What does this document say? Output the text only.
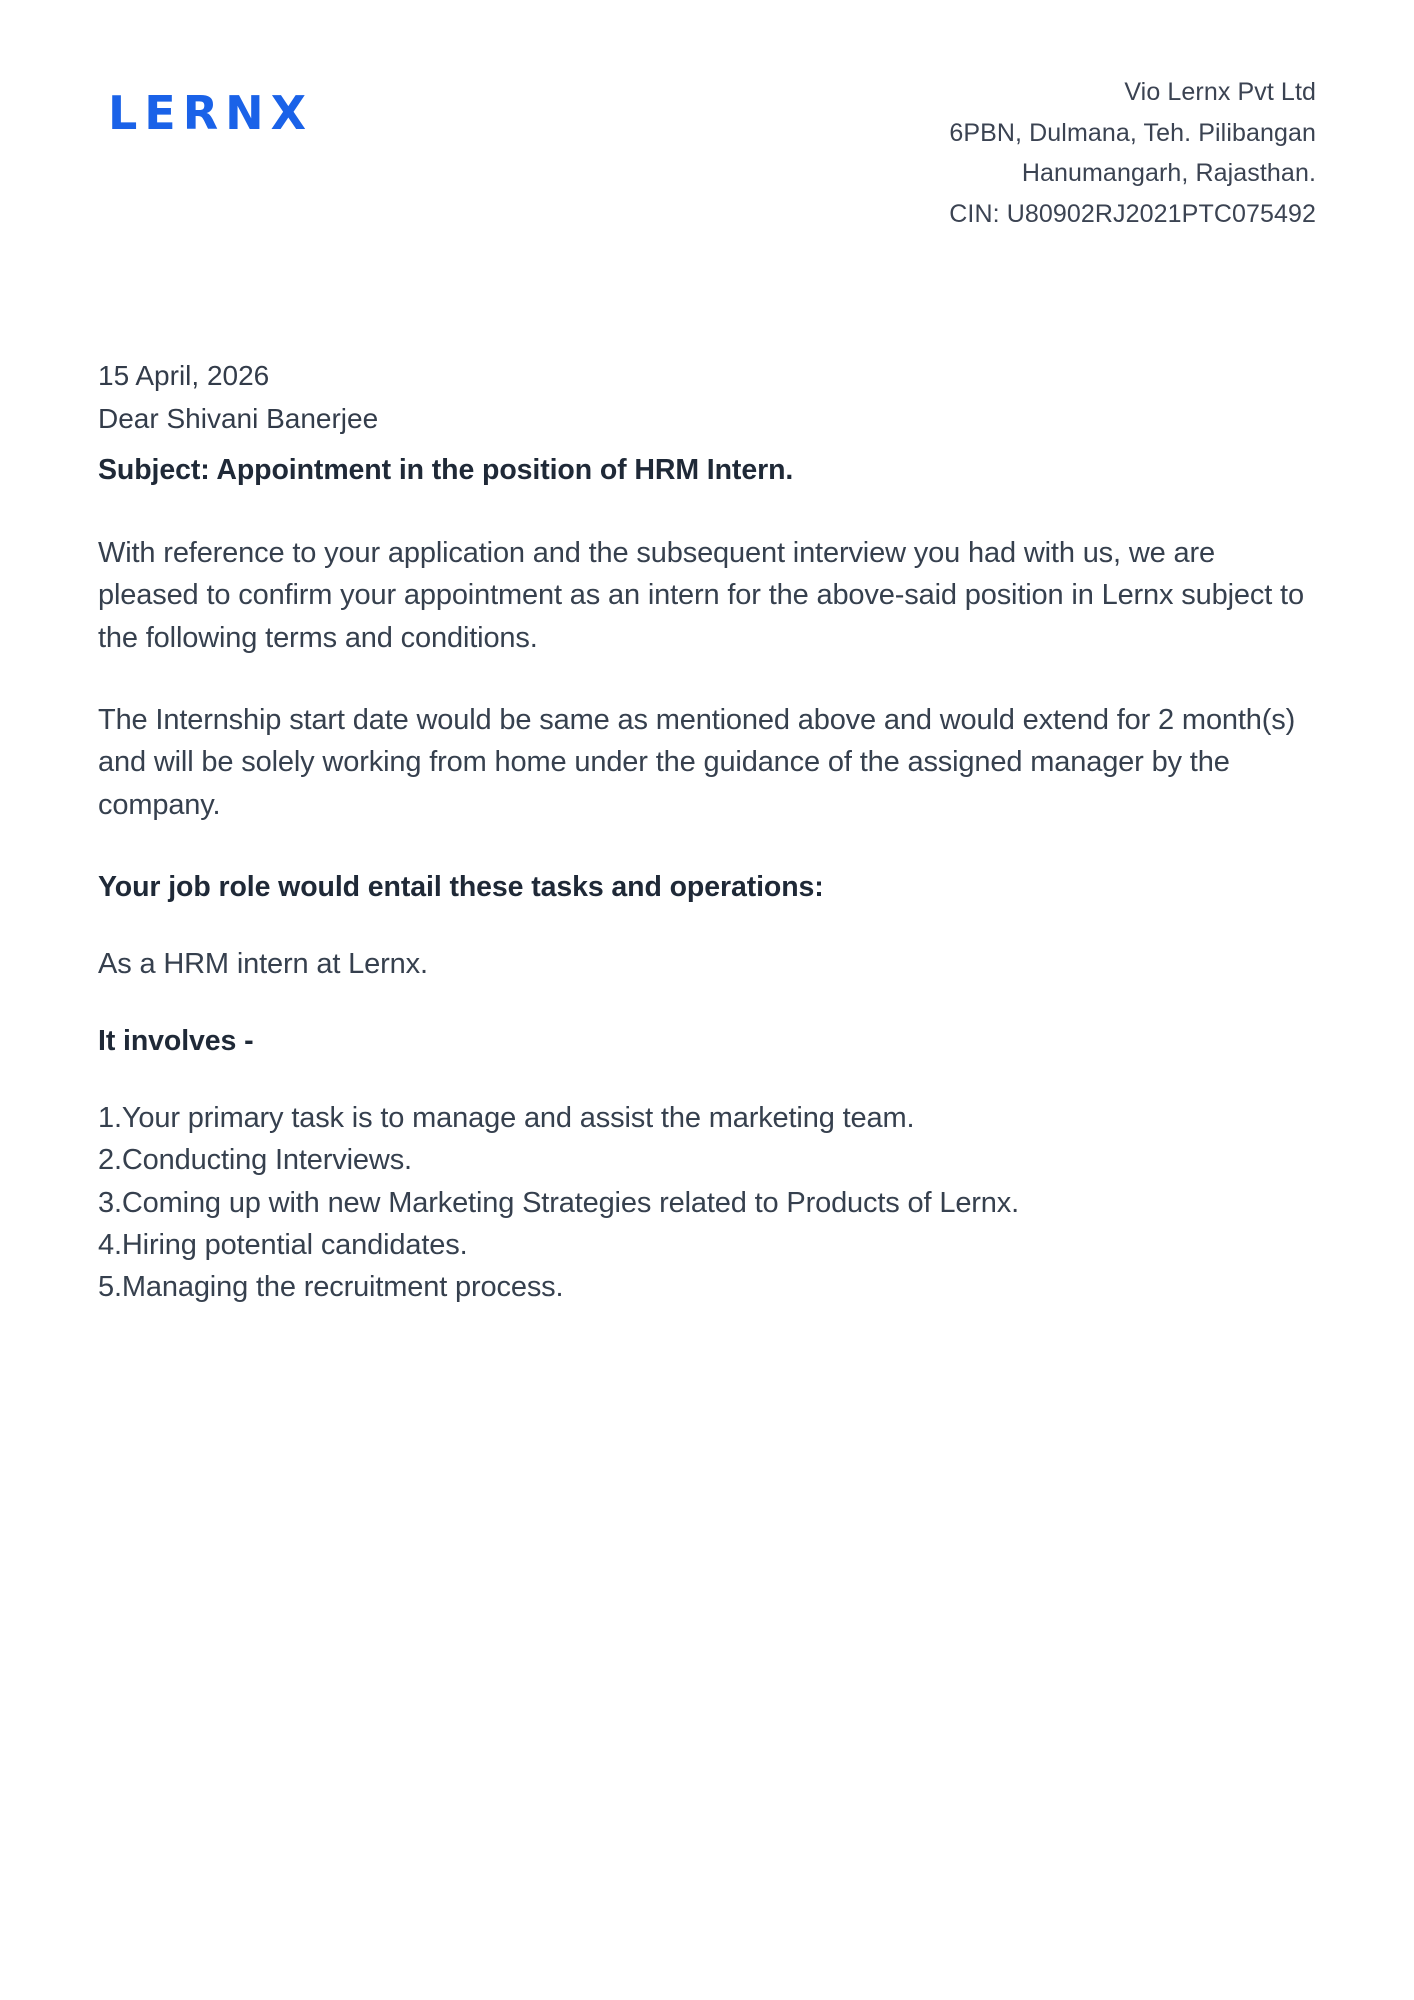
LERNX	Vio Lernx Pvt Ltd
6PBN, Dulmana, Teh. Pilibangan
Hanumangarh, Rajasthan.
CIN: U80902RJ2021PTC075492
15 April, 2026
Dear Shivani Banerjee
Subject: Appointment in the position of HRM Intern.

With reference to your application and the subsequent interview you had with us, we are pleased to confirm your appointment as an intern for the above-said position in Lernx subject to the following terms and conditions.

The Internship start date would be same as mentioned above and would extend for 2 month(s) and will be solely working from home under the guidance of the assigned manager by the company.

Your job role would entail these tasks and operations:

As a HRM intern at Lernx.

It involves -
1.Your primary task is to manage and assist the marketing team.
2.Conducting Interviews.
3.Coming up with new Marketing Strategies related to Products of Lernx.
4.Hiring potential candidates.
5.Managing the recruitment process.
